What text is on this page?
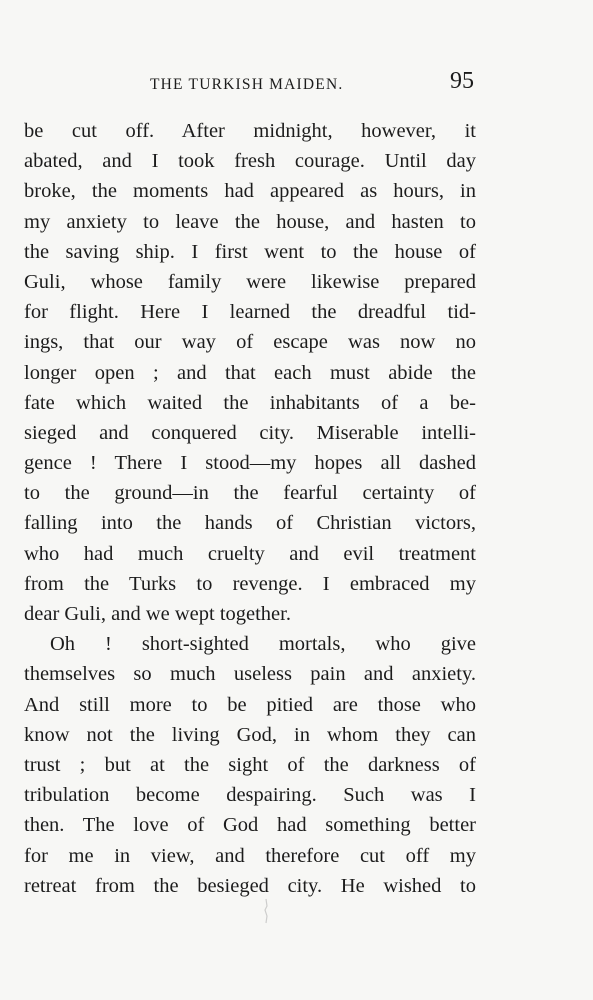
THE TURKISH MAIDEN.	95
be cut off. After midnight, however, it
abated, and I took fresh courage. Until day
broke, the moments had appeared as hours, in
my anxiety to leave the house, and hasten to
the saving ship. I first went to the house of
Guli, whose family were likewise prepared
for flight. Here I learned the dreadful tid-
ings, that our way of escape was now no
longer open ; and that each must abide the
fate which waited the inhabitants of a be-
sieged and conquered city. Miserable intelli-
gence ! There I stood—my hopes all dashed
to the ground—in the fearful certainty of
falling into the hands of Christian victors,
who had much cruelty and evil treatment
from the Turks to revenge. I embraced my
dear Guli, and we wept together.
Oh ! short-sighted mortals, who give
themselves so much useless pain and anxiety.
And still more to be pitied are those who
know not the living God, in whom they can
trust ; but at the sight of the darkness of
tribulation become despairing. Such was I
then. The love of God had something better
for me in view, and therefore cut off my
retreat from the besieged city. He wished to
